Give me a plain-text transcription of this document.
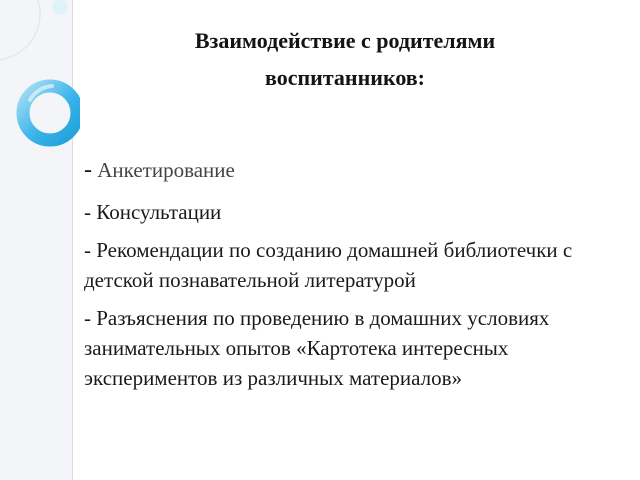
Взаимодействие с родителями воспитанников:
- Анкетирование
- Консультации
- Рекомендации по созданию домашней библиотечки с детской познавательной литературой
- Разъяснения по проведению в домашних условиях занимательных опытов «Картотека интересных экспериментов из различных материалов»
